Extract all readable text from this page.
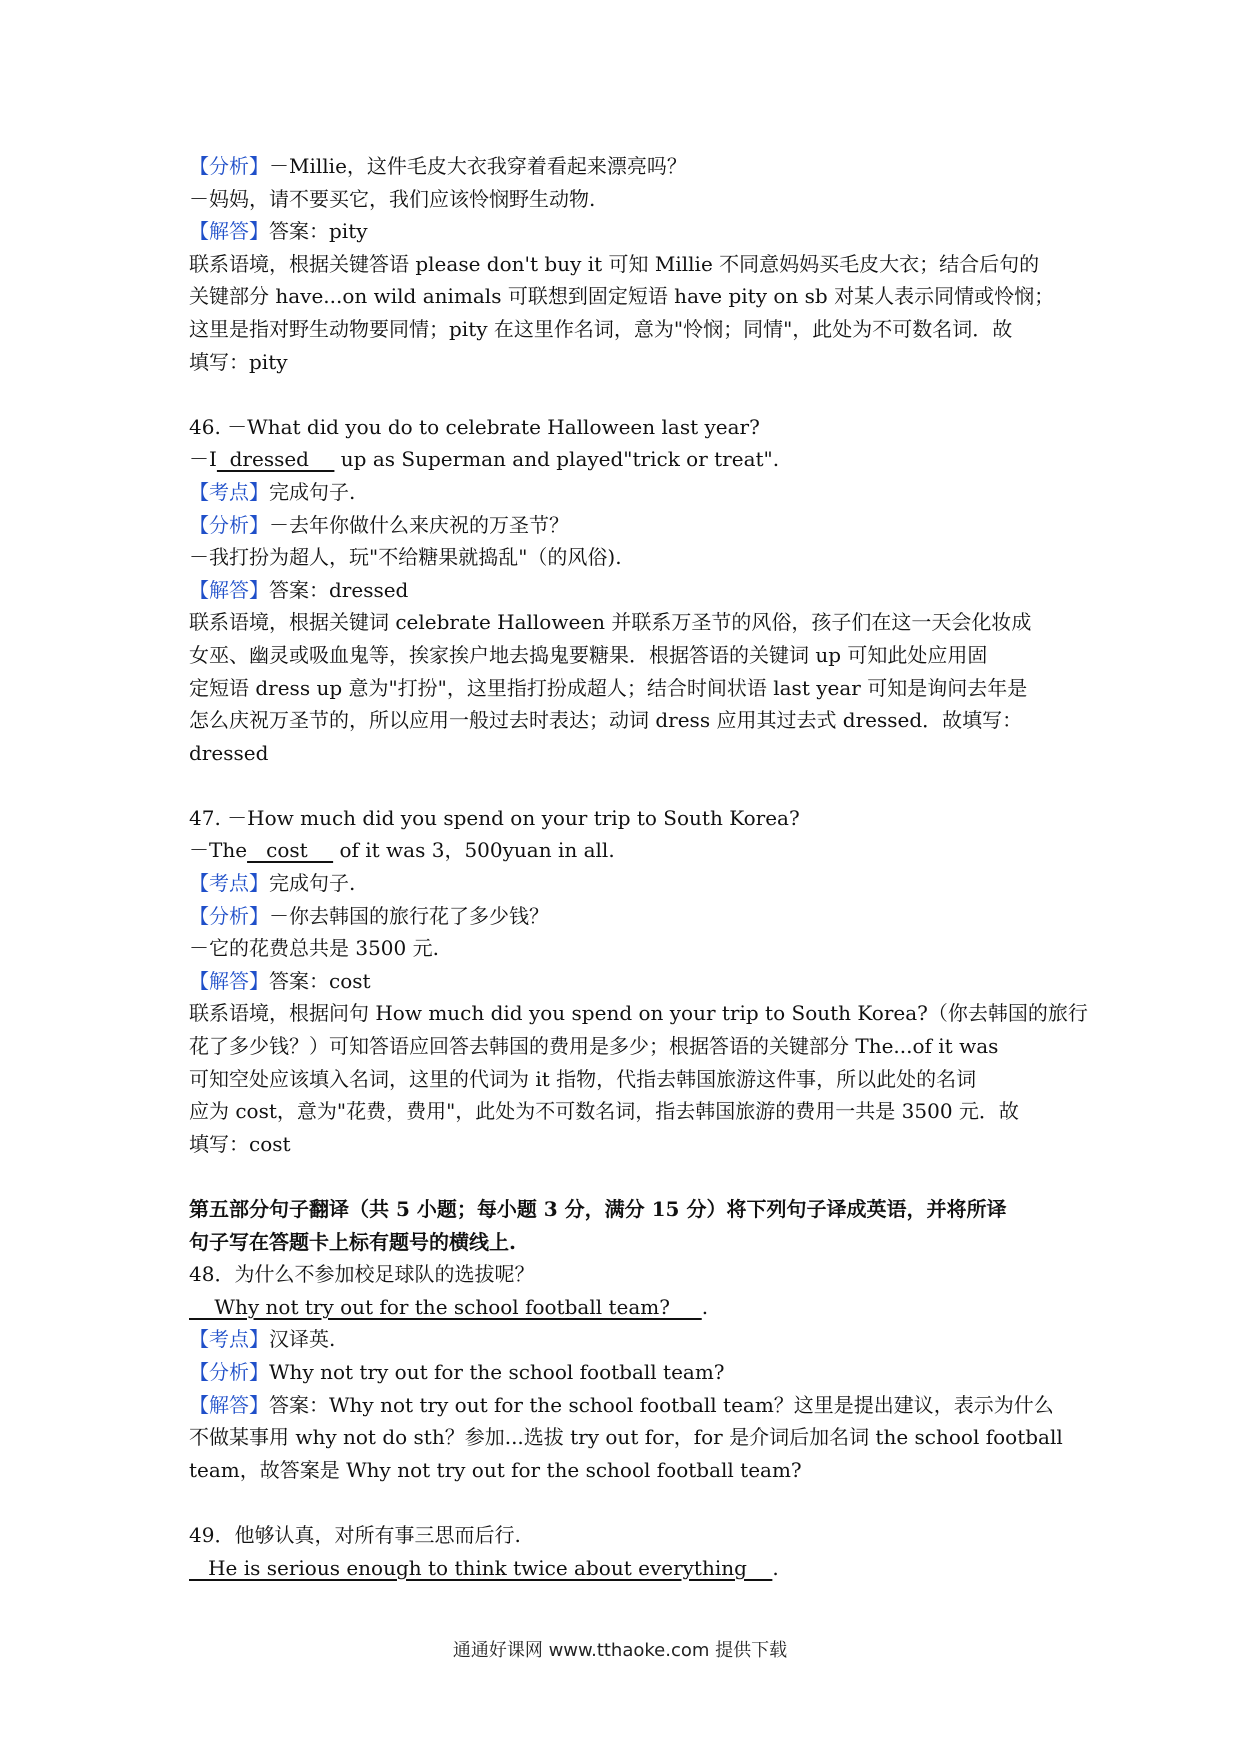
【分析】－Millie，这件毛皮大衣我穿着看起来漂亮吗？
－妈妈，请不要买它，我们应该怜悯野生动物.
【解答】答案：pity
联系语境，根据关键答语 please don't buy it 可知 Millie 不同意妈妈买毛皮大衣；结合后句的
关键部分 have...on wild animals 可联想到固定短语 have pity on sb 对某人表示同情或怜悯；
这里是指对野生动物要同情；pity 在这里作名词，意为"怜悯；同情"，此处为不可数名词．故
填写：pity
46. －What did you do to celebrate Halloween last year?
－I  dressed     up as Superman and played"trick or treat".
【考点】完成句子.
【分析】－去年你做什么来庆祝的万圣节？
－我打扮为超人，玩"不给糖果就捣乱"（的风俗).
【解答】答案：dressed
联系语境，根据关键词 celebrate Halloween 并联系万圣节的风俗，孩子们在这一天会化妆成
女巫、幽灵或吸血鬼等，挨家挨户地去捣鬼要糖果．根据答语的关键词 up 可知此处应用固
定短语 dress up 意为"打扮"，这里指打扮成超人；结合时间状语 last year 可知是询问去年是
怎么庆祝万圣节的，所以应用一般过去时表达；动词 dress 应用其过去式 dressed．故填写：
dressed
47. －How much did you spend on your trip to South Korea?
－The   cost     of it was 3，500yuan in all.
【考点】完成句子.
【分析】－你去韩国的旅行花了多少钱？
－它的花费总共是 3500 元.
【解答】答案：cost
联系语境，根据问句 How much did you spend on your trip to South Korea?（你去韩国的旅行
花了多少钱？）可知答语应回答去韩国的费用是多少；根据答语的关键部分 The...of it was
可知空处应该填入名词，这里的代词为 it 指物，代指去韩国旅游这件事，所以此处的名词
应为 cost，意为"花费，费用"，此处为不可数名词，指去韩国旅游的费用一共是 3500 元．故
填写：cost
第五部分句子翻译（共 5 小题；每小题 3 分，满分 15 分）将下列句子译成英语，并将所译
句子写在答题卡上标有题号的横线上.
48．为什么不参加校足球队的选拔呢？
Why not try out for the school football team?     .
【考点】汉译英.
【分析】Why not try out for the school football team?
【解答】答案：Why not try out for the school football team？这里是提出建议，表示为什么
不做某事用 why not do sth？参加...选拔 try out for，for 是介词后加名词 the school football
team，故答案是 Why not try out for the school football team?
49．他够认真，对所有事三思而后行.
He is serious enough to think twice about everything    .
通通好课网 www.tthaoke.com 提供下载
